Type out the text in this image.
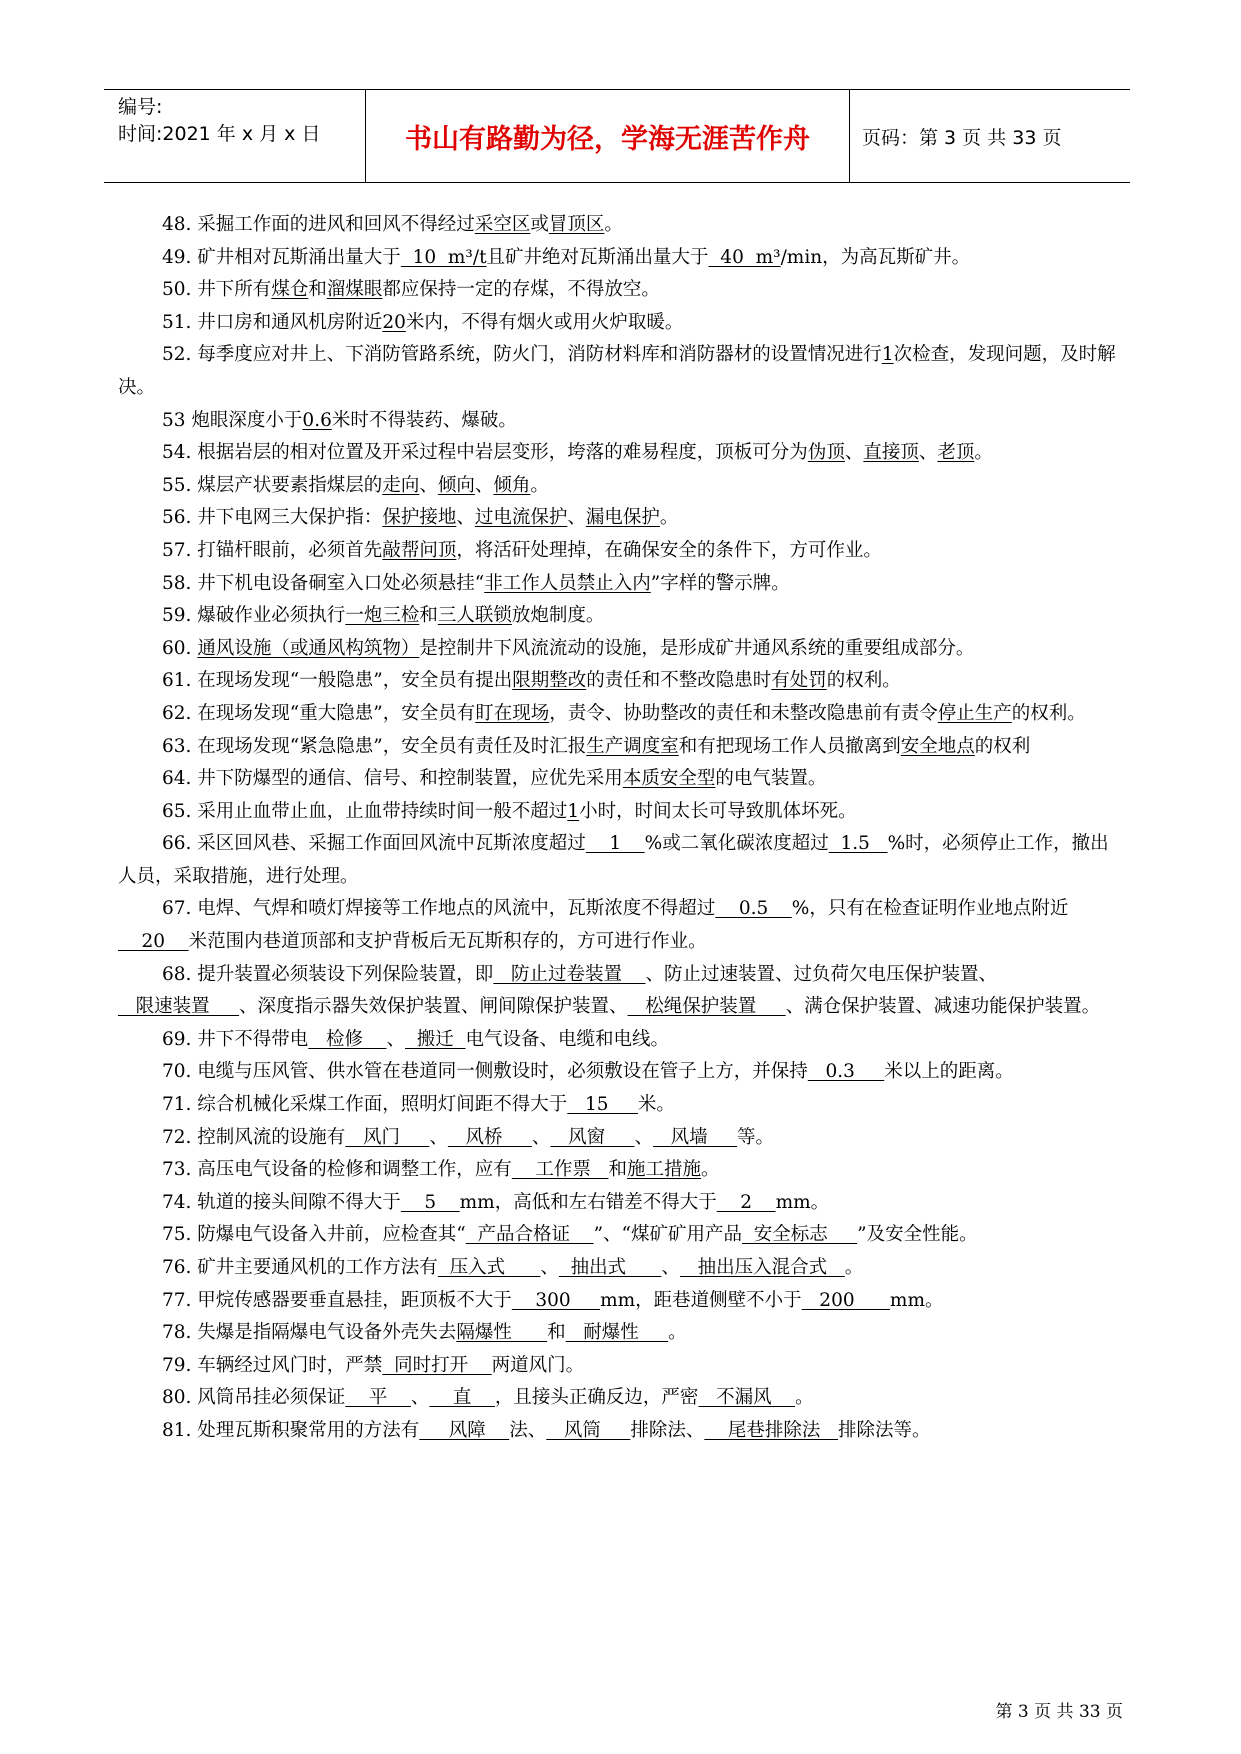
编号:
时间:2021 年 x 月 x 日	书山有路勤为径，学海无涯苦作舟	页码：第 3 页 共 33 页
48. 采掘工作面的进风和回风不得经过采空区或冒顶区。
49. 矿井相对瓦斯涌出量大于  10  m³/t且矿井绝对瓦斯涌出量大于  40  m³/min，为高瓦斯矿井。
50. 井下所有煤仓和溜煤眼都应保持一定的存煤，不得放空。
51. 井口房和通风机房附近20米内，不得有烟火或用火炉取暖。
52. 每季度应对井上、下消防管路系统，防火门，消防材料库和消防器材的设置情况进行1次检查，发现问题，及时解决。
53 炮眼深度小于0.6米时不得装药、爆破。
54. 根据岩层的相对位置及开采过程中岩层变形，垮落的难易程度，顶板可分为伪顶、直接顶、老顶。
55. 煤层产状要素指煤层的走向、倾向、倾角。
56. 井下电网三大保护指：保护接地、过电流保护、漏电保护。
57. 打锚杆眼前，必须首先敲帮问顶，将活矸处理掉，在确保安全的条件下，方可作业。
58. 井下机电设备硐室入口处必须悬挂“非工作人员禁止入内”字样的警示牌。
59. 爆破作业必须执行一炮三检和三人联锁放炮制度。
60. 通风设施（或通风构筑物）是控制井下风流流动的设施，是形成矿井通风系统的重要组成部分。
61. 在现场发现“一般隐患”，安全员有提出限期整改的责任和不整改隐患时有处罚的权利。
62. 在现场发现“重大隐患”，安全员有盯在现场，责令、协助整改的责任和未整改隐患前有责令停止生产的权利。
63. 在现场发现“紧急隐患”，安全员有责任及时汇报生产调度室和有把现场工作人员撤离到安全地点的权利
64. 井下防爆型的通信、信号、和控制装置，应优先采用本质安全型的电气装置。
65. 采用止血带止血，止血带持续时间一般不超过1小时，时间太长可导致肌体坏死。
66. 采区回风巷、采掘工作面回风流中瓦斯浓度超过    1    %或二氧化碳浓度超过  1.5   %时，必须停止工作，撤出人员，采取措施，进行处理。
67. 电焊、气焊和喷灯焊接等工作地点的风流中，瓦斯浓度不得超过    0.5    %，只有在检查证明作业地点附近    20    米范围内巷道顶部和支护背板后无瓦斯积存的，方可进行作业。
68. 提升装置必须装设下列保险装置，即   防止过卷装置    、防止过速装置、过负荷欠电压保护装置、   限速装置     、深度指示器失效保护装置、闸间隙保护装置、   松绳保护装置     、满仓保护装置、减速功能保护装置。
69. 井下不得带电   检修    、  搬迁  电气设备、电缆和电线。
70. 电缆与压风管、供水管在巷道同一侧敷设时，必须敷设在管子上方，并保持   0.3     米以上的距离。
71. 综合机械化采煤工作面，照明灯间距不得大于   15     米。
72. 控制风流的设施有   风门     、   风桥     、   风窗     、   风墙     等。
73. 高压电气设备的检修和调整工作，应有    工作票   和施工措施。
74. 轨道的接头间隙不得大于    5    mm，高低和左右错差不得大于    2    mm。
75. 防爆电气设备入井前，应检查其“  产品合格证    ”、“煤矿矿用产品  安全标志     ”及安全性能。
76. 矿井主要通风机的工作方法有  压入式      、  抽出式      、   抽出压入混合式   。
77. 甲烷传感器要垂直悬挂，距顶板不大于    300     mm，距巷道侧壁不小于   200      mm。
78. 失爆是指隔爆电气设备外壳失去隔爆性      和   耐爆性     。
79. 车辆经过风门时，严禁  同时打开    两道风门。
80. 风筒吊挂必须保证    平    、    直    ，且接头正确反边，严密   不漏风    。
81. 处理瓦斯积聚常用的方法有     风障    法、   风筒     排除法、    尾巷排除法   排除法等。
第 3 页 共 33 页
